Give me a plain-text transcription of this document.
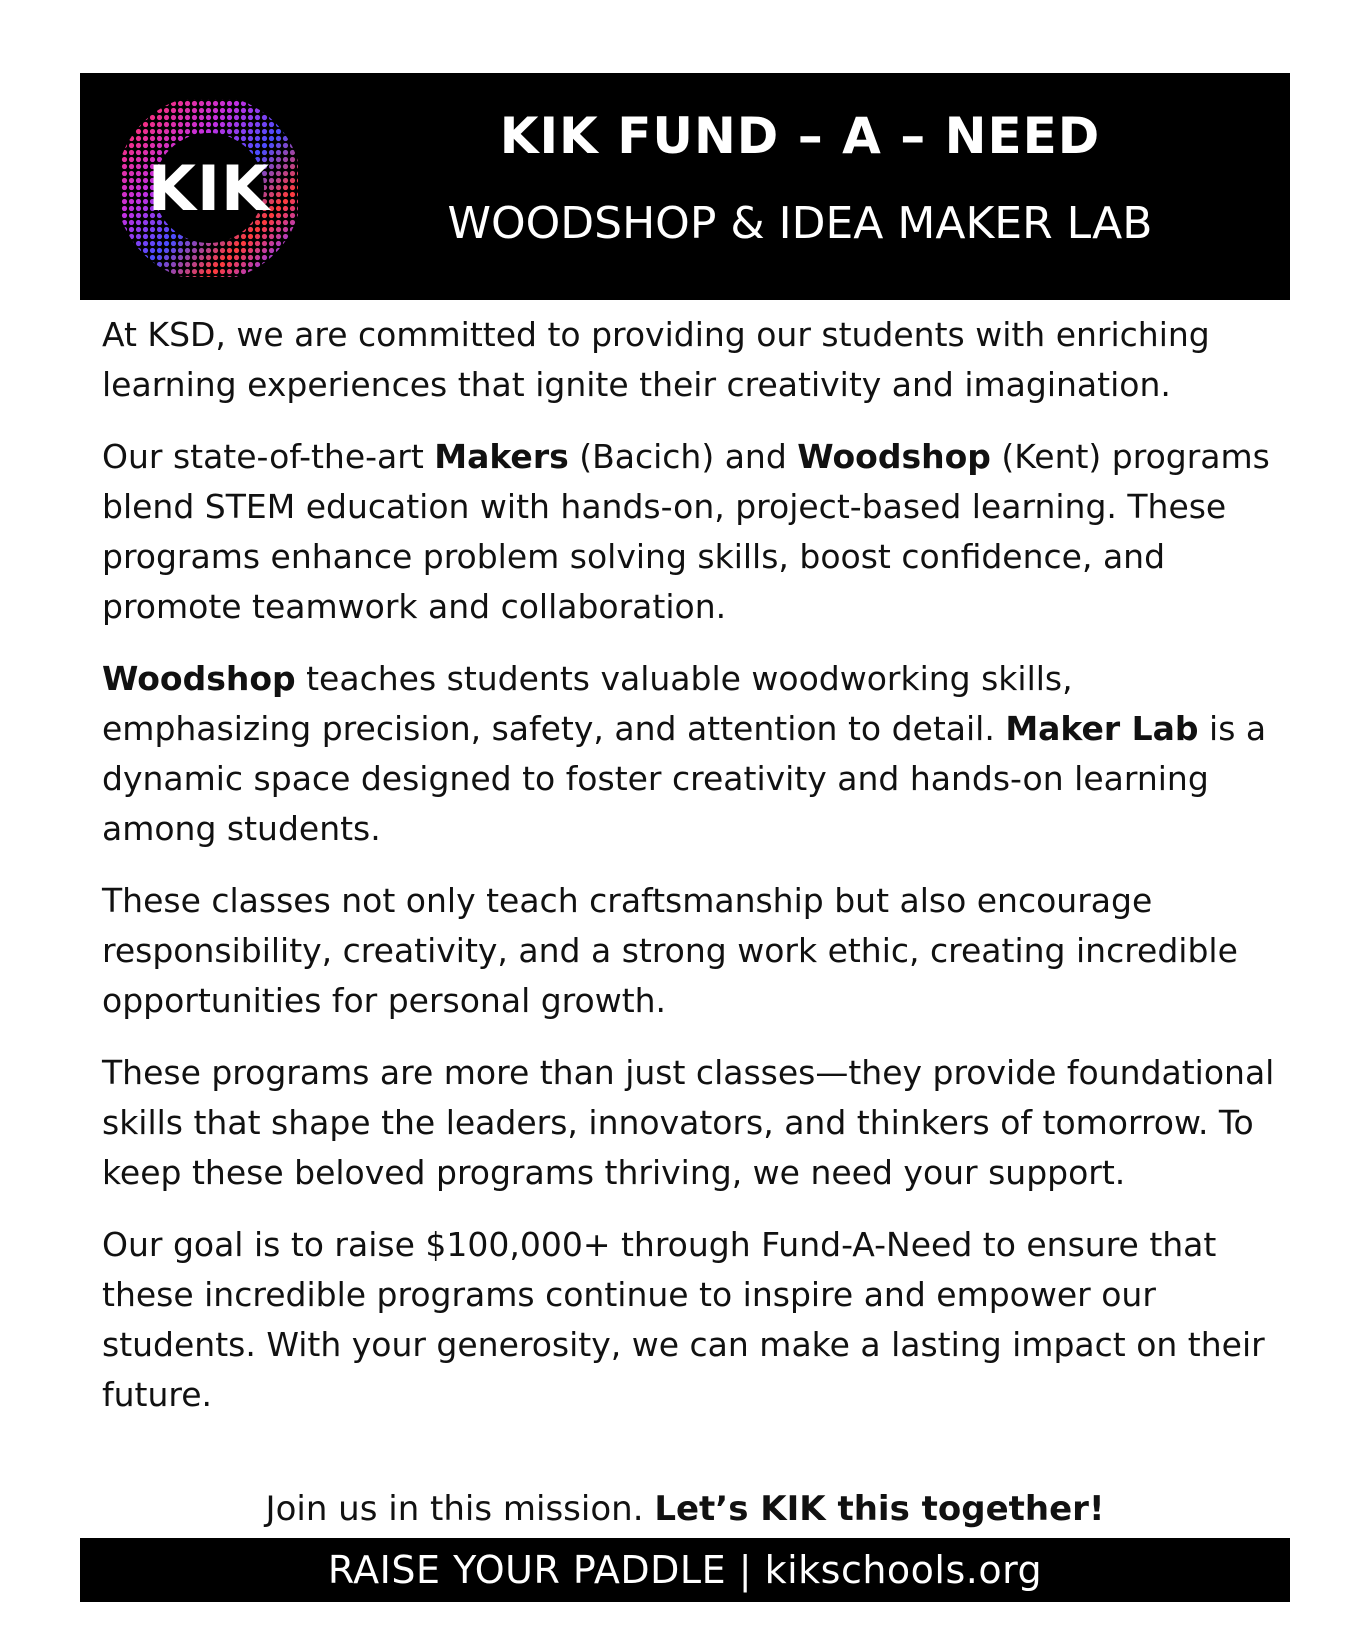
KIK
KIK FUND – A – NEED
WOODSHOP & IDEA MAKER LAB

At KSD, we are committed to providing our students with enriching learning experiences that ignite their creativity and imagination.

Our state-of-the-art Makers (Bacich) and Woodshop (Kent) programs blend STEM education with hands-on, project-based learning. These programs enhance problem solving skills, boost confidence, and promote teamwork and collaboration.

Woodshop teaches students valuable woodworking skills, emphasizing precision, safety, and attention to detail. Maker Lab is a dynamic space designed to foster creativity and hands-on learning among students.

These classes not only teach craftsmanship but also encourage responsibility, creativity, and a strong work ethic, creating incredible opportunities for personal growth.

These programs are more than just classes—they provide foundational skills that shape the leaders, innovators, and thinkers of tomorrow. To keep these beloved programs thriving, we need your support.

Our goal is to raise $100,000+ through Fund-A-Need to ensure that these incredible programs continue to inspire and empower our students. With your generosity, we can make a lasting impact on their future.

Join us in this mission. Let’s KIK this together!
RAISE YOUR PADDLE | kikschools.org
